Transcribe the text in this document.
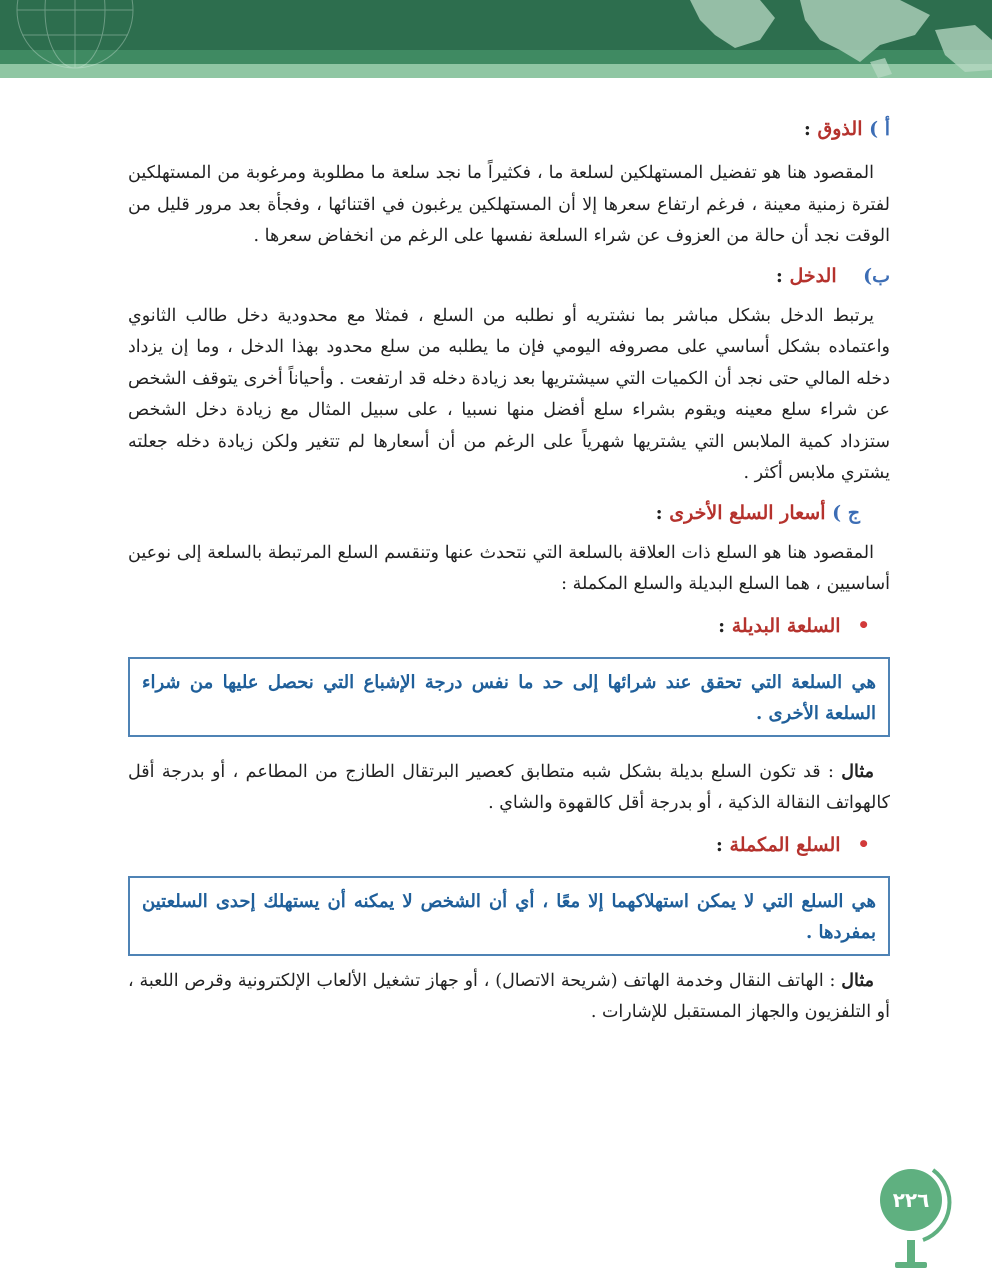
أ ) الذوق :

المقصود هنا هو تفضيل المستهلكين لسلعة ما ، فكثيراً ما نجد سلعة ما مطلوبة ومرغوبة من المستهلكين لفترة زمنية معينة ، فرغم ارتفاع سعرها إلا أن المستهلكين يرغبون في اقتنائها ، وفجأة بعد مرور قليل من الوقت نجد أن حالة من العزوف عن شراء السلعة نفسها على الرغم من انخفاض سعرها .

ب)    الدخل :

يرتبط الدخل بشكل مباشر بما نشتريه أو نطلبه من السلع ، فمثلا مع محدودية دخل طالب الثانوي واعتماده بشكل أساسي على مصروفه اليومي فإن ما يطلبه من سلع محدود بهذا الدخل ، وما إن يزداد دخله المالي حتى نجد أن الكميات التي سيشتريها بعد زيادة دخله قد ارتفعت . وأحياناً أخرى يتوقف الشخص عن شراء سلع معينه ويقوم بشراء سلع أفضل منها نسبيا ، على سبيل المثال مع زيادة دخل الشخص ستزداد كمية الملابس التي يشتريها شهرياً على الرغم من أن أسعارها لم تتغير ولكن زيادة دخله جعلته يشتري ملابس أكثر .

ج ) أسعار السلع الأخرى :

المقصود هنا هو السلع ذات العلاقة بالسلعة التي نتحدث عنها وتنقسم السلع المرتبطة بالسلعة إلى نوعين أساسيين ، هما السلع البديلة والسلع المكملة :

• السلعة البديلة :

هي السلعة التي تحقق عند شرائها إلى حد ما نفس درجة الإشباع التي نحصل عليها من شراء السلعة الأخرى .

مثال : قد تكون السلع بديلة بشكل شبه متطابق كعصير البرتقال الطازج من المطاعم ، أو بدرجة أقل كالهواتف النقالة الذكية ، أو بدرجة أقل كالقهوة والشاي .

• السلع المكملة :

هي السلع التي لا يمكن استهلاكهما إلا معًا ، أي أن الشخص لا يمكنه أن يستهلك إحدى السلعتين بمفردها .

مثال : الهاتف النقال وخدمة الهاتف (شريحة الاتصال) ، أو جهاز تشغيل الألعاب الإلكترونية وقرص اللعبة ، أو التلفزيون والجهاز المستقبل للإشارات .

٢٢٦
